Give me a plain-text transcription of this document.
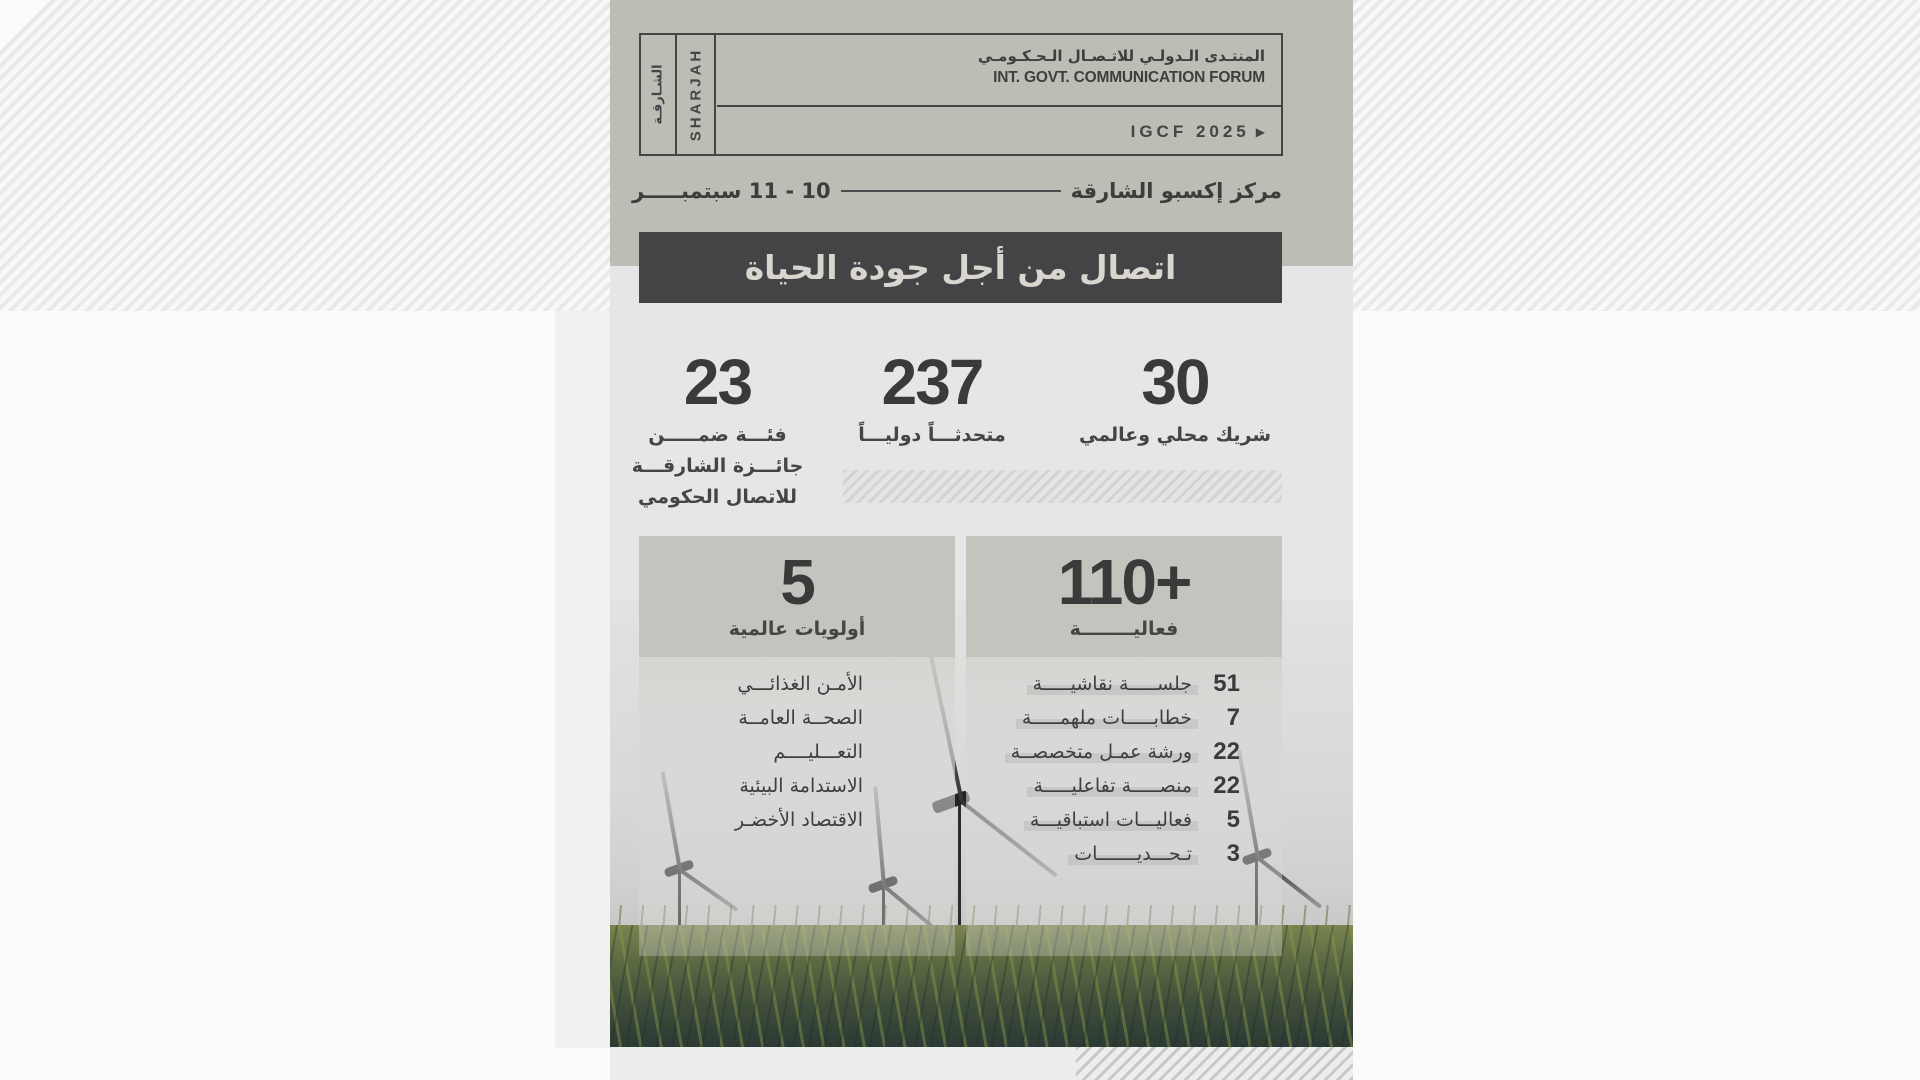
الشـارقـة SHARJAH	المنتـدى الـدولـي للاتـصـال الـحـكـومـي
INT. GOVT. COMMUNICATION FORUM
IGCF 2025 ▶
مركز إكسبو الشارقة
10 - 11 سبتمبـــــر
اتصال من أجل جودة الحياة
30
شريك محلي وعالمي
237
متحدثـــاً دوليـــاً
23
فئـــة ضمـــــن
جائـــزة الشارقـــة
للاتصال الحكومي
110+
فعاليــــــــة
51
جلســـــة نقاشيـــــة
7
خطابـــــات ملهمـــــة
22
ورشة عمـل متخصصــة
22
منصـــــة تفاعليـــــة
5
فعاليـــات استباقيـــة
3
تـحـــديـــــــات
5
أولويات عالمية
الأمـن الغذائـــي
الصحــة العامــة
التعـــليــــم
الاستدامة البيئية
الاقتصاد الأخضـر
